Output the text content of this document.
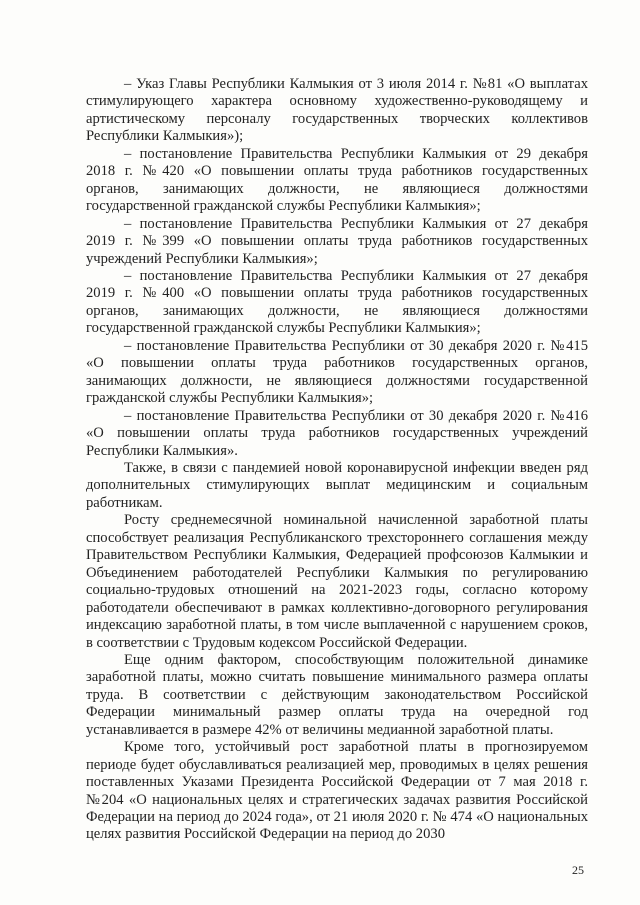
– Указ Главы Республики Калмыкия от 3 июля 2014 г. №81 «О выплатах стимулирующего характера основному художественно-руководящему и артистическому персоналу государственных творческих коллективов Республики Калмыкия»);

– постановление Правительства Республики Калмыкия от 29 декабря 2018 г. №420 «О повышении оплаты труда работников государственных органов, занимающих должности, не являющиеся должностями государственной гражданской службы Республики Калмыкия»;

– постановление Правительства Республики Калмыкия от 27 декабря 2019 г. №399 «О повышении оплаты труда работников государственных учреждений Республики Калмыкия»;

– постановление Правительства Республики Калмыкия от 27 декабря 2019 г. №400 «О повышении оплаты труда работников государственных органов, занимающих должности, не являющиеся должностями государственной гражданской службы Республики Калмыкия»;

– постановление Правительства Республики от 30 декабря 2020 г. №415 «О повышении оплаты труда работников государственных органов, занимающих должности, не являющиеся должностями государственной гражданской службы Республики Калмыкия»;

– постановление Правительства Республики от 30 декабря 2020 г. №416 «О повышении оплаты труда работников государственных учреждений Республики Калмыкия».

Также, в связи с пандемией новой коронавирусной инфекции введен ряд дополнительных стимулирующих выплат медицинским и социальным работникам.

Росту среднемесячной номинальной начисленной заработной платы способствует реализация Республиканского трехстороннего соглашения между Правительством Республики Калмыкия, Федерацией профсоюзов Калмыкии и Объединением работодателей Республики Калмыкия по регулированию социально-трудовых отношений на 2021-2023 годы, согласно которому работодатели обеспечивают в рамках коллективно-договорного регулирования индексацию заработной платы, в том числе выплаченной с нарушением сроков, в соответствии с Трудовым кодексом Российской Федерации.

Еще одним фактором, способствующим положительной динамике заработной платы, можно считать повышение минимального размера оплаты труда. В соответствии с действующим законодательством Российской Федерации минимальный размер оплаты труда на очередной год устанавливается в размере 42% от величины медианной заработной платы.

Кроме того, устойчивый рост заработной платы в прогнозируемом периоде будет обуславливаться реализацией мер, проводимых в целях решения поставленных Указами Президента Российской Федерации от 7 мая 2018 г. №204 «О национальных целях и стратегических задачах развития Российской Федерации на период до 2024 года», от 21 июля 2020 г. № 474 «О национальных целях развития Российской Федерации на период до 2030

25
